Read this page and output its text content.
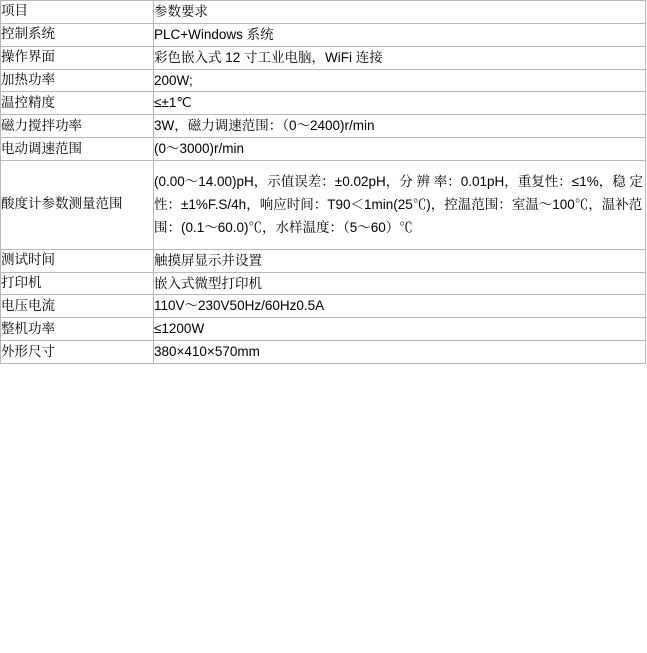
项目	参数要求
控制系统	PLC+Windows 系统
操作界面	彩色嵌入式 12 寸工业电脑，WiFi 连接
加热功率	200W;
温控精度	≤±1℃
磁力搅拌功率	3W，磁力调速范围：（0～2400)r/min
电动调速范围	(0～3000)r/min
酸度计参数测量范围	(0.00～14.00)pH，示值误差：±0.02pH，分 辨 率：0.01pH，重复性：≤1%，稳 定 性：±1%F.S/4h，响应时间：T90＜1min(25℃)，控温范围：室温～100℃，温补范围：(0.1～60.0)℃，水样温度：（5～60）℃
测试时间	触摸屏显示并设置
打印机	嵌入式微型打印机
电压电流	110V～230V50Hz/60Hz0.5A
整机功率	≤1200W
外形尺寸	380×410×570mm
